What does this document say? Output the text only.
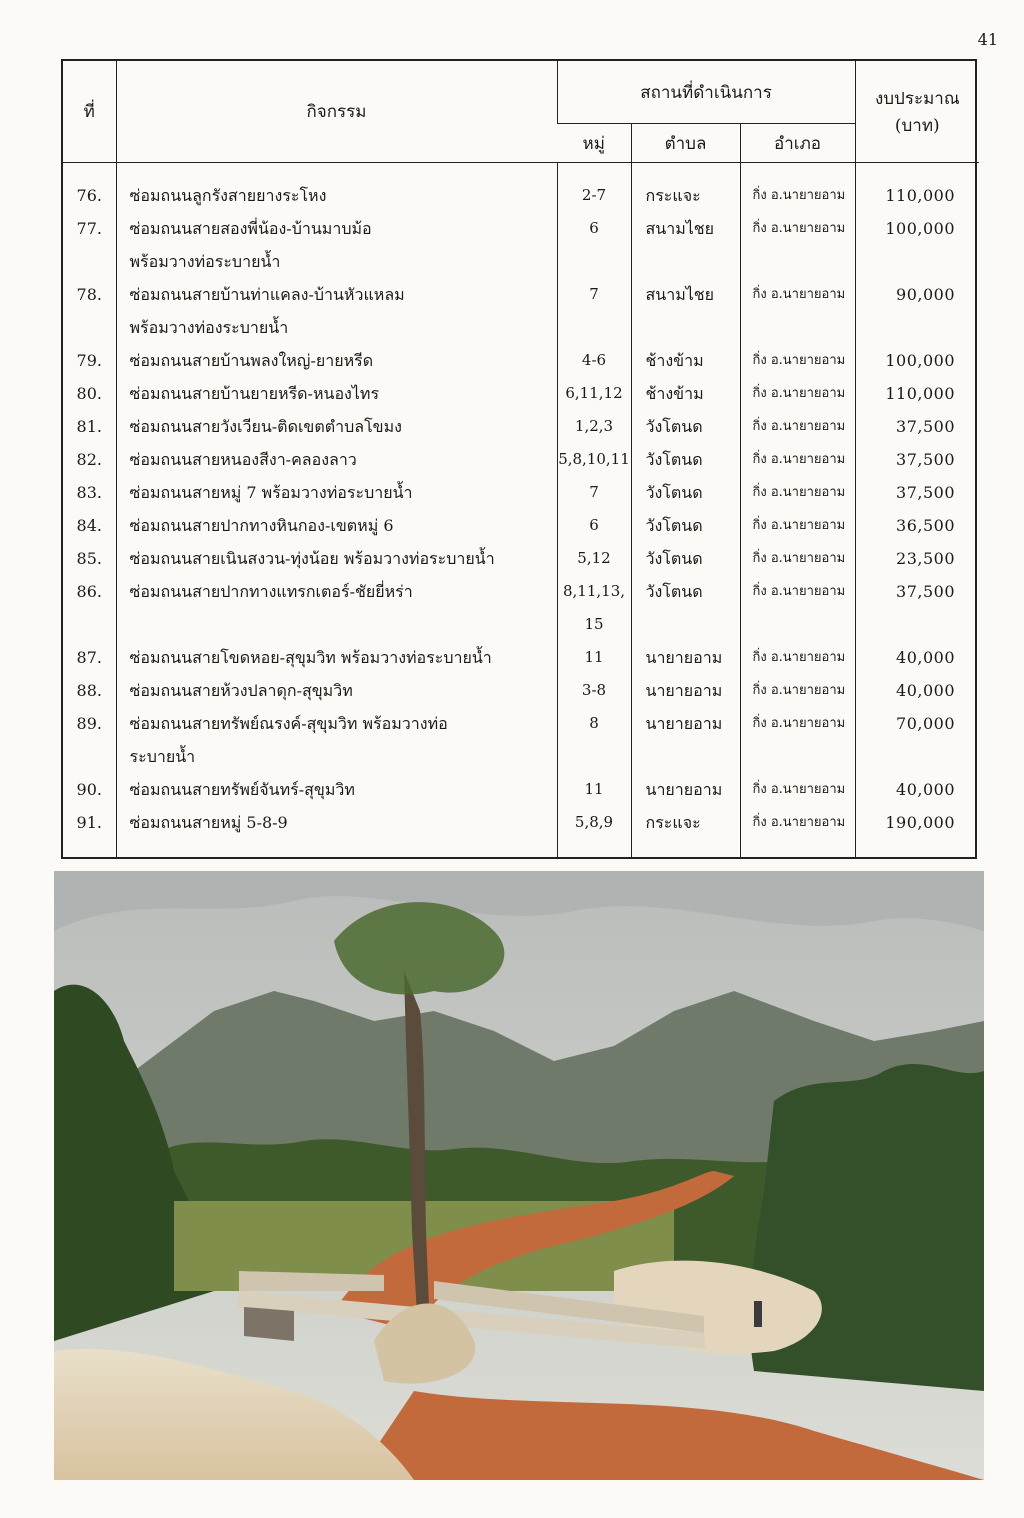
41
ที่	กิจกรรม	สถานที่ดำเนินการ			งบประมาณ
(บาท)

		หมู่	ตำบล	อำเภอ	
76.	ซ่อมถนนลูกรังสายยางระโหง	2-7	กระแจะ	กิ่ง อ.นายายอาม	110,000
77.	ซ่อมถนนสายสองพี่น้อง-บ้านมาบม้อ
พร้อมวางท่อระบายน้ำ	6	สนามไชย	กิ่ง อ.นายายอาม	100,000
78.	ซ่อมถนนสายบ้านท่าแคลง-บ้านหัวแหลม
พร้อมวางท่องระบายน้ำ	7	สนามไชย	กิ่ง อ.นายายอาม	90,000
79.	ซ่อมถนนสายบ้านพลงใหญ่-ยายหรีด	4-6	ช้างข้าม	กิ่ง อ.นายายอาม	100,000
80.	ซ่อมถนนสายบ้านยายหรีด-หนองไทร	6,11,12	ช้างข้าม	กิ่ง อ.นายายอาม	110,000
81.	ซ่อมถนนสายวังเวียน-ติดเขตตำบลโขมง	1,2,3	วังโตนด	กิ่ง อ.นายายอาม	37,500
82.	ซ่อมถนนสายหนองสีงา-คลองลาว	5,8,10,11	วังโตนด	กิ่ง อ.นายายอาม	37,500
83.	ซ่อมถนนสายหมู่ 7 พร้อมวางท่อระบายน้ำ	7	วังโตนด	กิ่ง อ.นายายอาม	37,500
84.	ซ่อมถนนสายปากทางหินกอง-เขตหมู่ 6	6	วังโตนด	กิ่ง อ.นายายอาม	36,500
85.	ซ่อมถนนสายเนินสงวน-ทุ่งน้อย พร้อมวางท่อระบายน้ำ	5,12	วังโตนด	กิ่ง อ.นายายอาม	23,500
86.	ซ่อมถนนสายปากทางแทรกเตอร์-ชัยยี่หร่า	8,11,13,
15	วังโตนด	กิ่ง อ.นายายอาม	37,500
87.	ซ่อมถนนสายโขดหอย-สุขุมวิท พร้อมวางท่อระบายน้ำ	11	นายายอาม	กิ่ง อ.นายายอาม	40,000
88.	ซ่อมถนนสายห้วงปลาดุก-สุขุมวิท	3-8	นายายอาม	กิ่ง อ.นายายอาม	40,000
89.	ซ่อมถนนสายทรัพย์ณรงค์-สุขุมวิท พร้อมวางท่อ
ระบายน้ำ	8	นายายอาม	กิ่ง อ.นายายอาม	70,000
90.	ซ่อมถนนสายทรัพย์จันทร์-สุขุมวิท	11	นายายอาม	กิ่ง อ.นายายอาม	40,000
91.	ซ่อมถนนสายหมู่ 5-8-9	5,8,9	กระแจะ	กิ่ง อ.นายายอาม	190,000
